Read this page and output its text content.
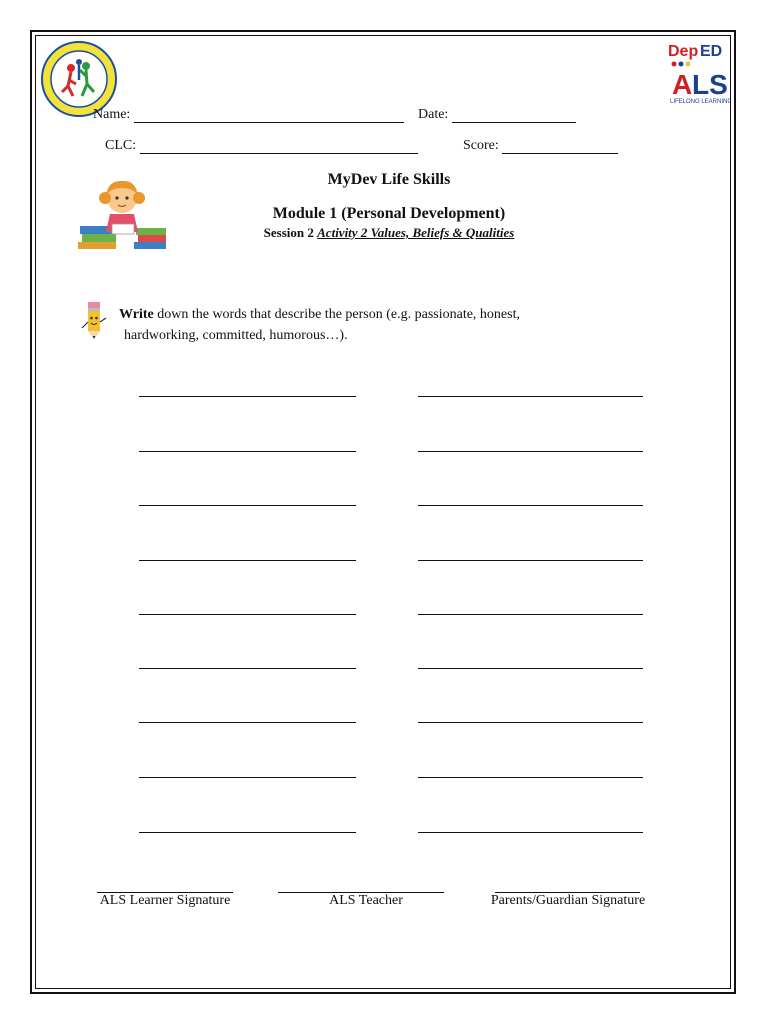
Dep ED
A LS
LIFELONG LEARNING
Name:	Date:
CLC:	Score:
MyDev Life Skills
Module 1 (Personal Development)
Session 2 Activity 2 Values, Beliefs & Qualities
Write down the words that describe the person (e.g. passionate, honest,
hardworking, committed, humorous…).
ALS Learner Signature	ALS Teacher	Parents/Guardian Signature
